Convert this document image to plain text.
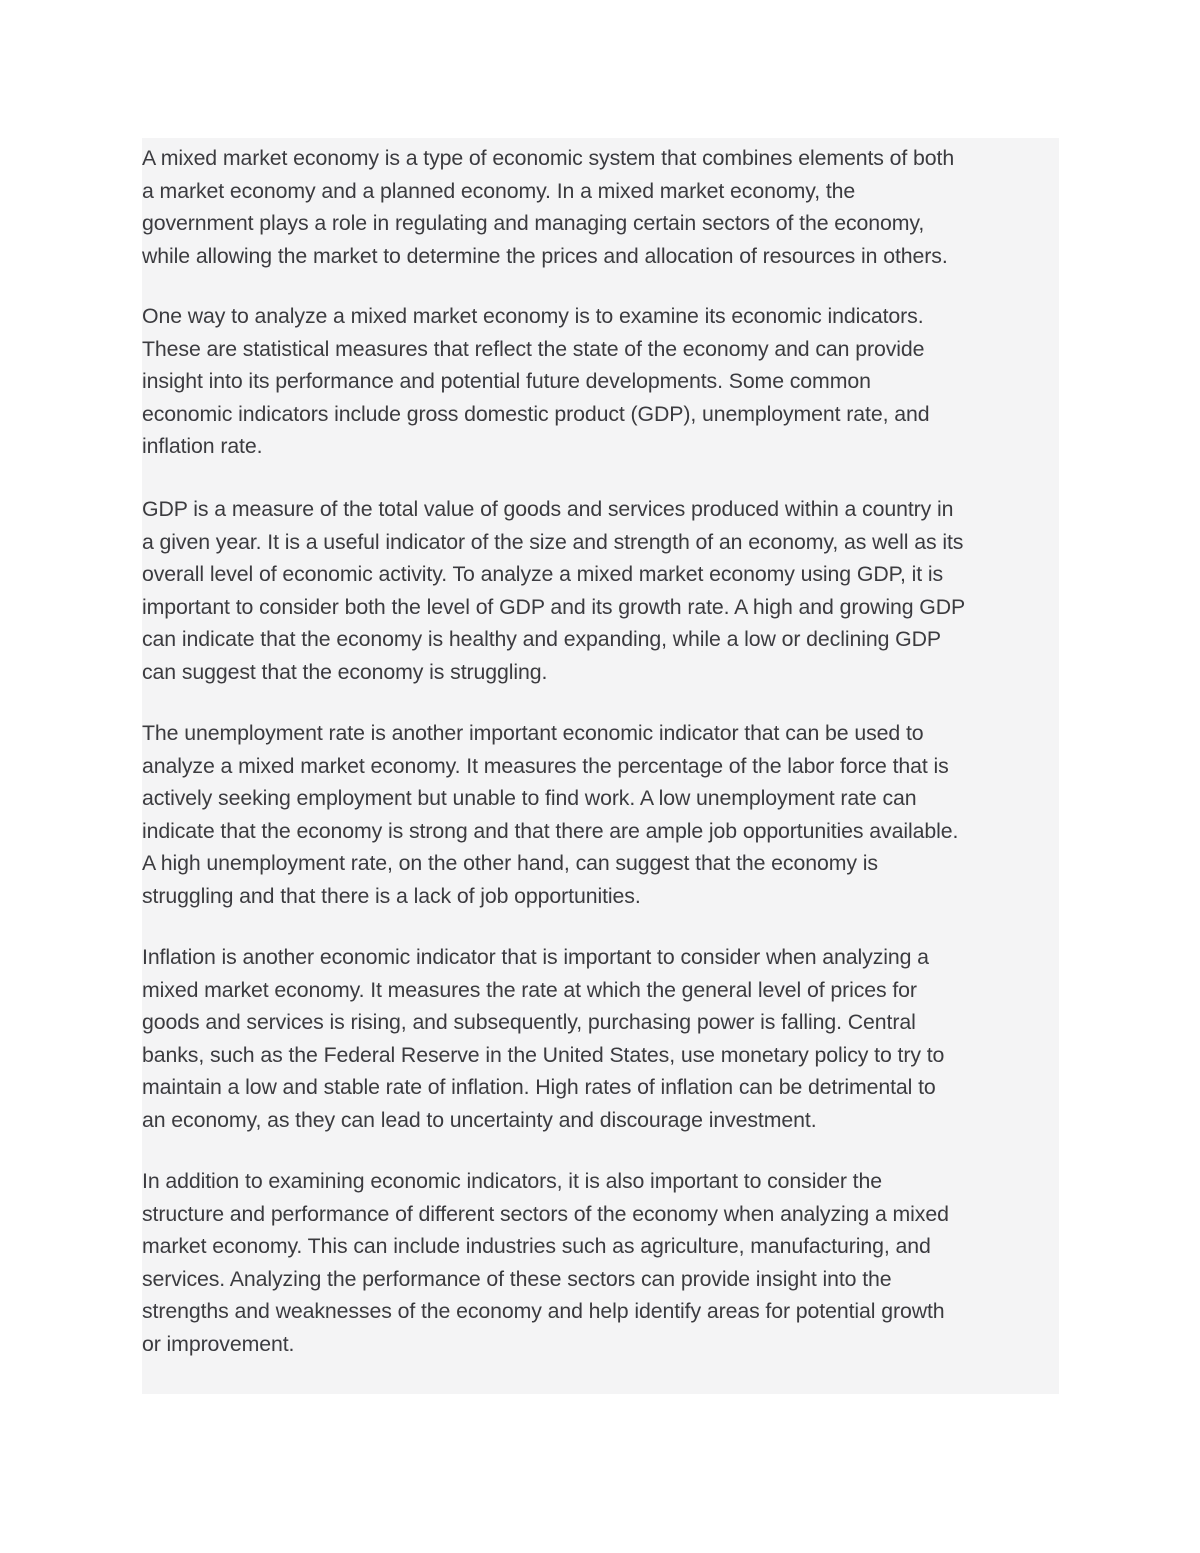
A mixed market economy is a type of economic system that combines elements of both
a market economy and a planned economy. In a mixed market economy, the
government plays a role in regulating and managing certain sectors of the economy,
while allowing the market to determine the prices and allocation of resources in others.

One way to analyze a mixed market economy is to examine its economic indicators.
These are statistical measures that reflect the state of the economy and can provide
insight into its performance and potential future developments. Some common
economic indicators include gross domestic product (GDP), unemployment rate, and
inflation rate.

GDP is a measure of the total value of goods and services produced within a country in
a given year. It is a useful indicator of the size and strength of an economy, as well as its
overall level of economic activity. To analyze a mixed market economy using GDP, it is
important to consider both the level of GDP and its growth rate. A high and growing GDP
can indicate that the economy is healthy and expanding, while a low or declining GDP
can suggest that the economy is struggling.

The unemployment rate is another important economic indicator that can be used to
analyze a mixed market economy. It measures the percentage of the labor force that is
actively seeking employment but unable to find work. A low unemployment rate can
indicate that the economy is strong and that there are ample job opportunities available.
A high unemployment rate, on the other hand, can suggest that the economy is
struggling and that there is a lack of job opportunities.

Inflation is another economic indicator that is important to consider when analyzing a
mixed market economy. It measures the rate at which the general level of prices for
goods and services is rising, and subsequently, purchasing power is falling. Central
banks, such as the Federal Reserve in the United States, use monetary policy to try to
maintain a low and stable rate of inflation. High rates of inflation can be detrimental to
an economy, as they can lead to uncertainty and discourage investment.

In addition to examining economic indicators, it is also important to consider the
structure and performance of different sectors of the economy when analyzing a mixed
market economy. This can include industries such as agriculture, manufacturing, and
services. Analyzing the performance of these sectors can provide insight into the
strengths and weaknesses of the economy and help identify areas for potential growth
or improvement.
